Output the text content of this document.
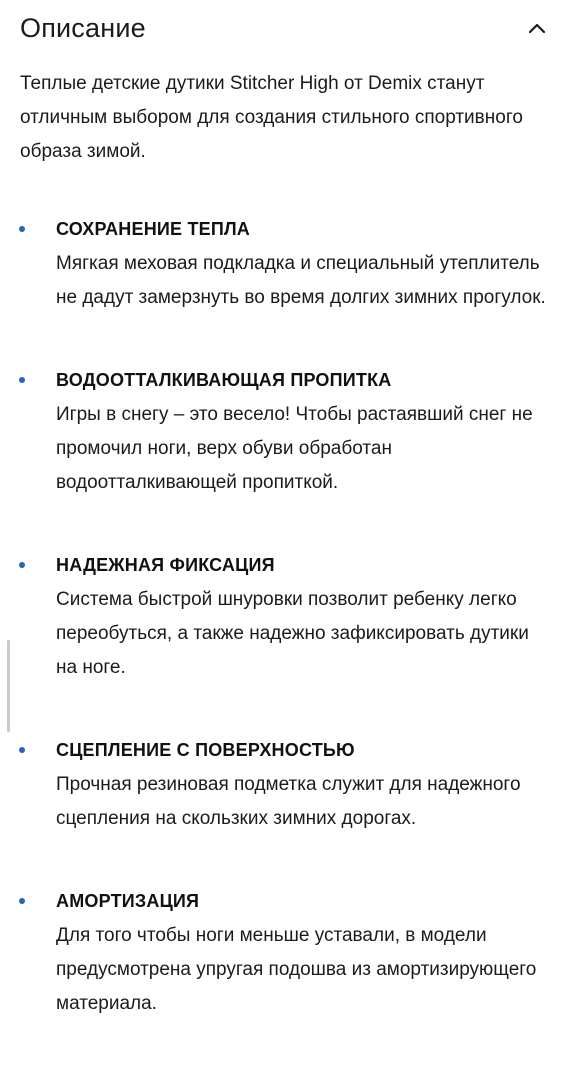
Описание
Теплые детские дутики Stitcher High от Demix станут отличным выбором для создания стильного спортивного образа зимой.
СОХРАНЕНИЕ ТЕПЛА
Мягкая меховая подкладка и специальный утеплитель не дадут замерзнуть во время долгих зимних прогулок.
ВОДООТТАЛКИВАЮЩАЯ ПРОПИТКА
Игры в снегу – это весело! Чтобы растаявший снег не промочил ноги, верх обуви обработан водоотталкивающей пропиткой.
НАДЕЖНАЯ ФИКСАЦИЯ
Система быстрой шнуровки позволит ребенку легко переобуться, а также надежно зафиксировать дутики на ноге.
СЦЕПЛЕНИЕ С ПОВЕРХНОСТЬЮ
Прочная резиновая подметка служит для надежного сцепления на скользких зимних дорогах.
АМОРТИЗАЦИЯ
Для того чтобы ноги меньше уставали, в модели предусмотрена упругая подошва из амортизирующего материала.
